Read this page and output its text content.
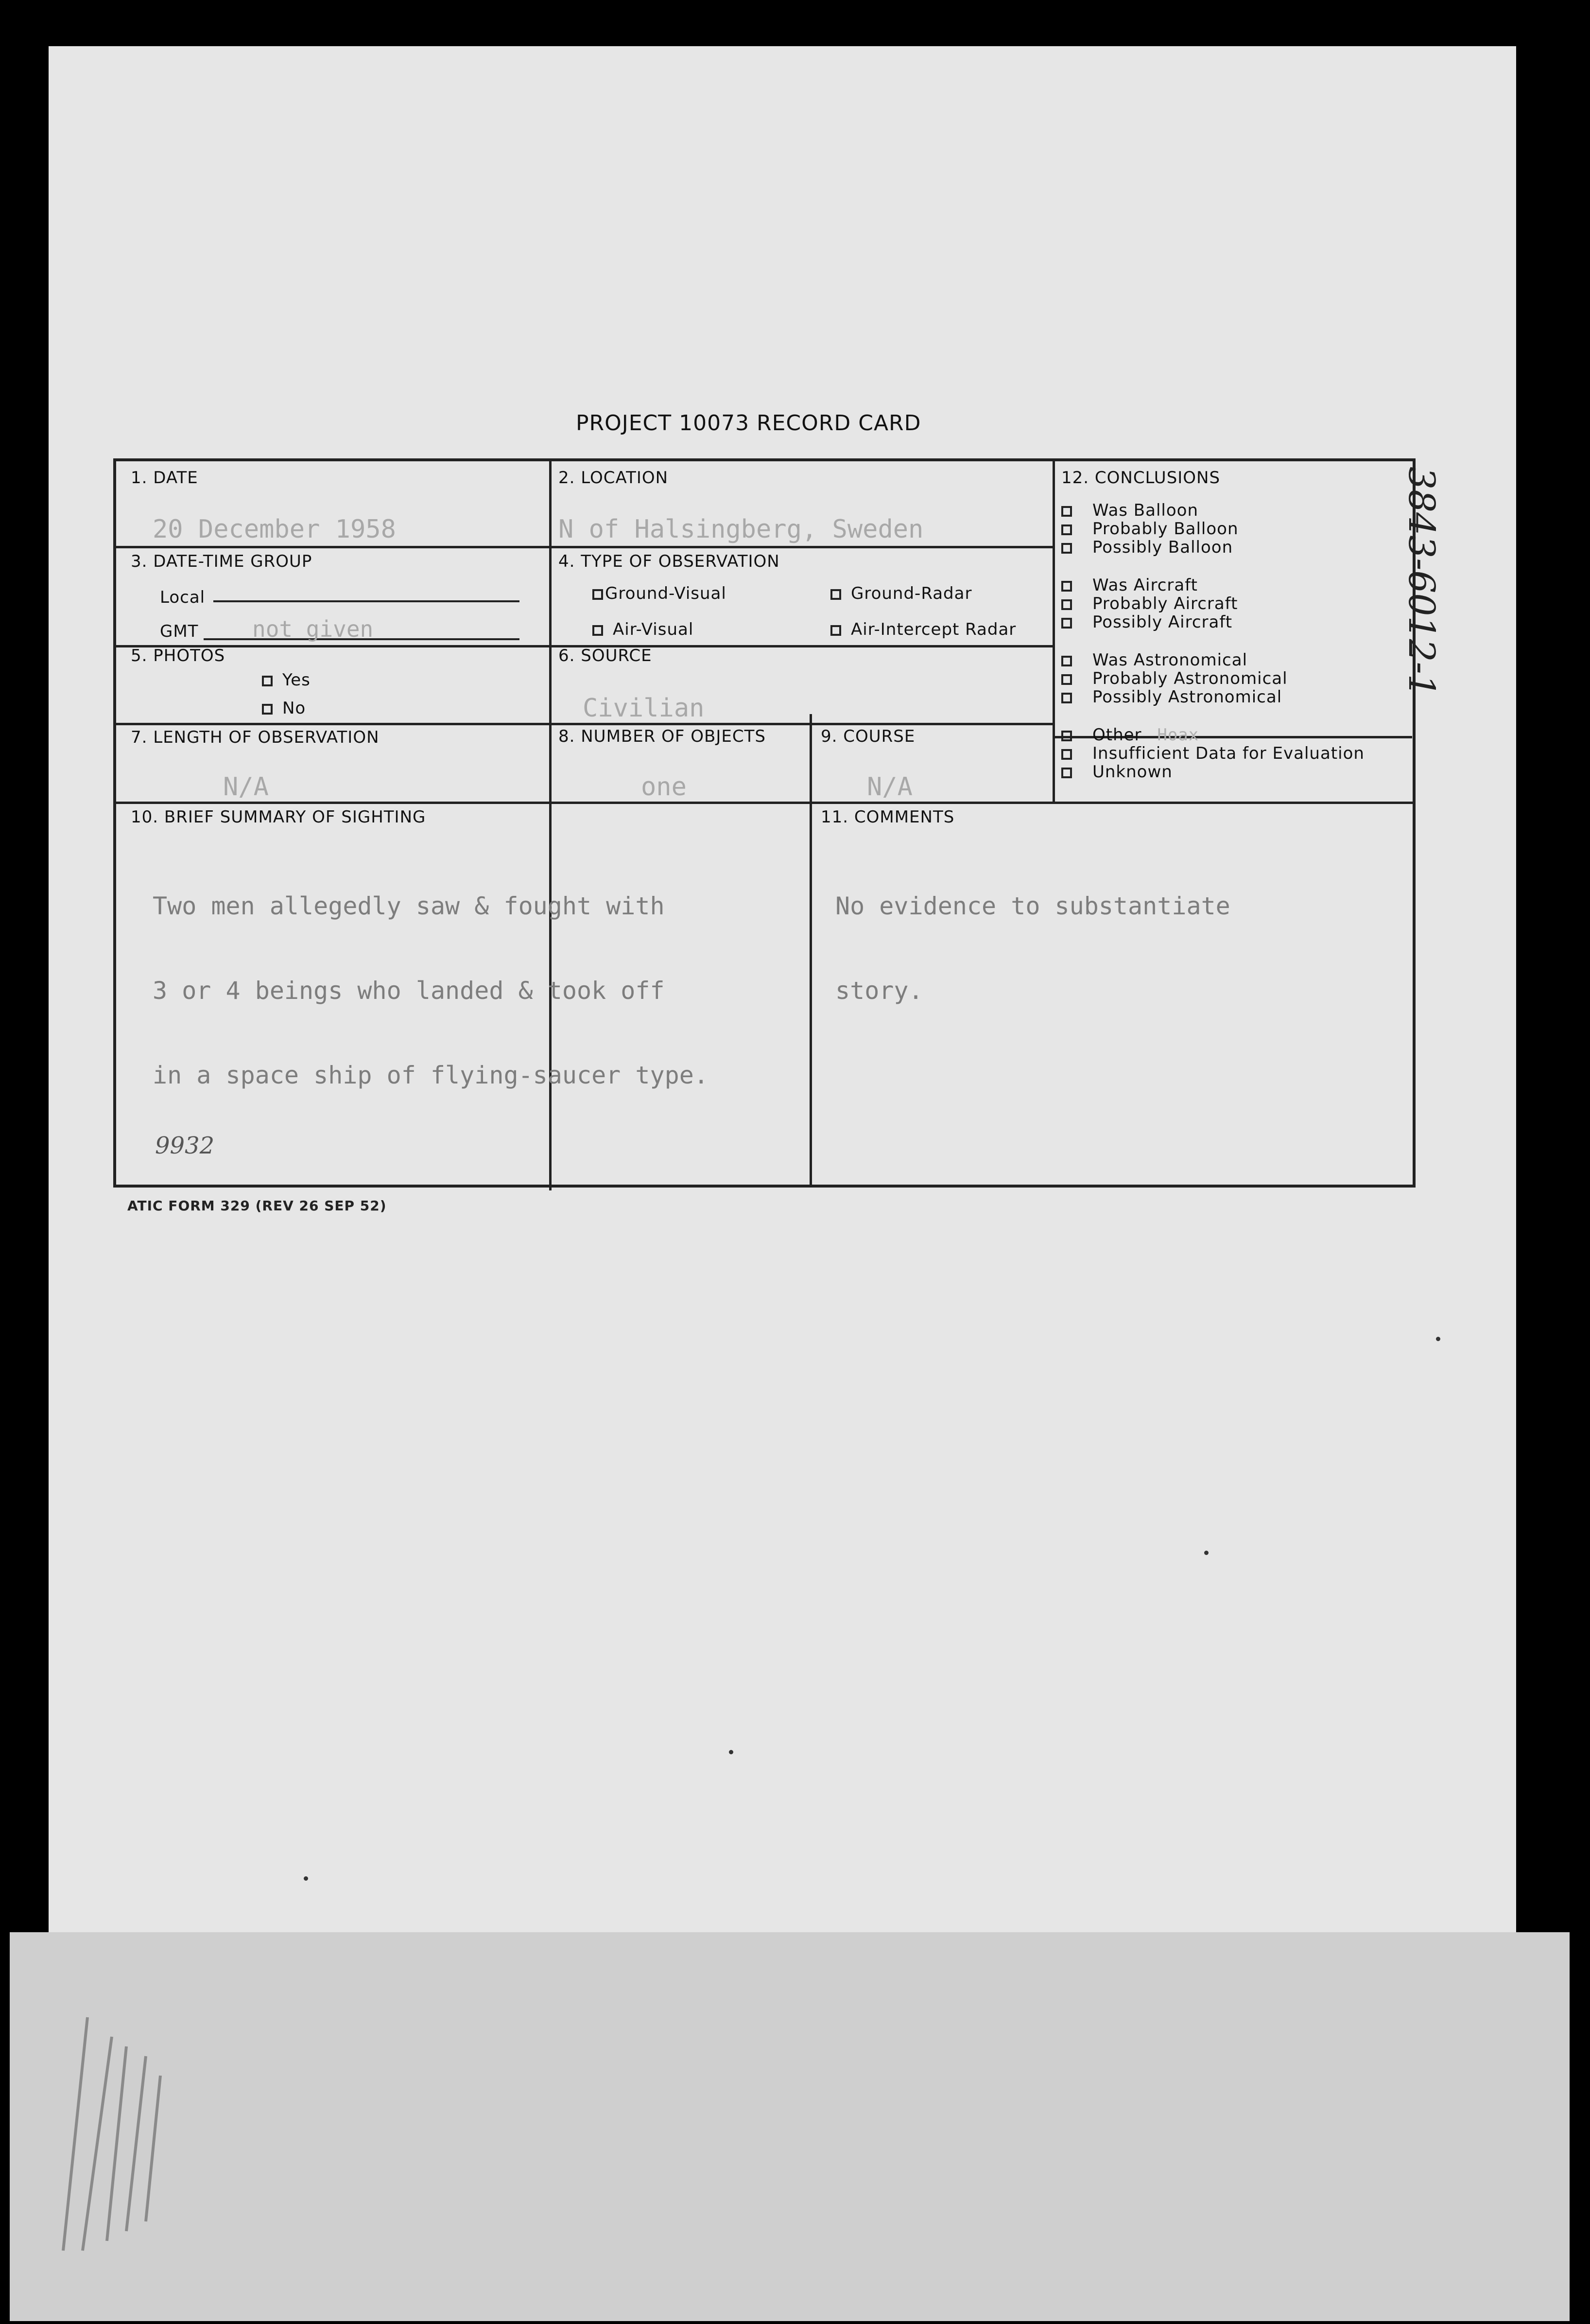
PROJECT 10073 RECORD CARD
1. DATE
20 December 1958
2. LOCATION
N of Halsingberg, Sweden
3. DATE-TIME GROUP
Local
GMT not given
4. TYPE OF OBSERVATION
Ground-Visual	Ground-Radar
Air-Visual	Air-Intercept Radar
5. PHOTOS
Yes
No
6. SOURCE
Civilian
7. LENGTH OF OBSERVATION
N/A
8. NUMBER OF OBJECTS
one
9. COURSE
N/A
12. CONCLUSIONS
Was Balloon
Probably Balloon
Possibly Balloon
Was Aircraft
Probably Aircraft
Possibly Aircraft
Was Astronomical
Probably Astronomical
Possibly Astronomical
Other Hoax
Insufficient Data for Evaluation
Unknown
10. BRIEF SUMMARY OF SIGHTING

Two men allegedly saw & fought with

3 or 4 beings who landed & took off

in a space ship of flying-saucer type.

9932
11. COMMENTS

No evidence to substantiate

story.

3843-6012-1
ATIC FORM 329 (REV 26 SEP 52)
